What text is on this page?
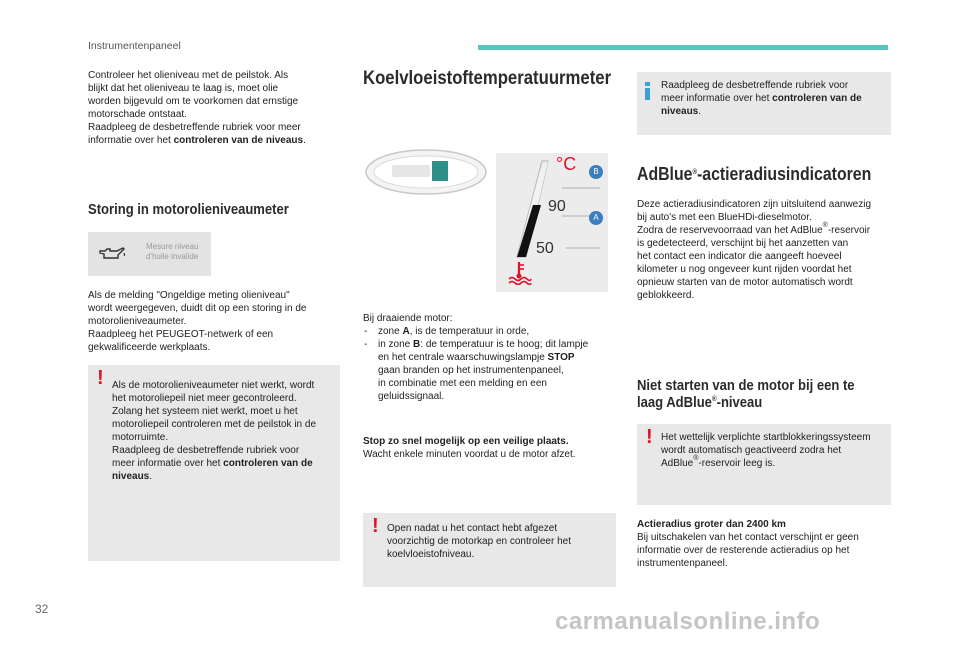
Instrumentenpaneel

Controleer het olieniveau met de peilstok. Als
blijkt dat het olieniveau te laag is, moet olie
worden bijgevuld om te voorkomen dat ernstige
motorschade ontstaat.
Raadpleeg de desbetreffende rubriek voor meer
informatie over het controleren van de niveaus.

Storing in motorolieniveaumeter
Mesure niveau
d'huile invalide

Als de melding "Ongeldige meting olieniveau"
wordt weergegeven, duidt dit op een storing in de
motorolieniveaumeter.
Raadpleeg het PEUGEOT-netwerk of een
gekwalificeerde werkplaats.

! Als de motorolieniveaumeter niet werkt, wordt
het motoroliepeil niet meer gecontroleerd.
Zolang het systeem niet werkt, moet u het
motoroliepeil controleren met de peilstok in de
motorruimte.
Raadpleeg de desbetreffende rubriek voor
meer informatie over het controleren van de
niveaus.

Koelvloeistoftemperatuurmeter
°C
90
50
B
A

Bij draaiende motor:

- zone A, is de temperatuur in orde,
- in zone B: de temperatuur is te hoog; dit lampje
en het centrale waarschuwingslampje STOP
gaan branden op het instrumentenpaneel,
in combinatie met een melding en een
geluidssignaal.

Stop zo snel mogelijk op een veilige plaats.

Wacht enkele minuten voordat u de motor afzet.

! Open nadat u het contact hebt afgezet
voorzichtig de motorkap en controleer het
koelvloeistofniveau.

Raadpleeg de desbetreffende rubriek voor
meer informatie over het controleren van de
niveaus.

AdBlue®-actieradiusindicatoren

Deze actieradiusindicatoren zijn uitsluitend aanwezig
bij auto's met een BlueHDi-dieselmotor.
Zodra de reservevoorraad van het AdBlue®-reservoir
is gedetecteerd, verschijnt bij het aanzetten van
het contact een indicator die aangeeft hoeveel
kilometer u nog ongeveer kunt rijden voordat het
opnieuw starten van de motor automatisch wordt
geblokkeerd.

Niet starten van de motor bij een te
laag AdBlue®-niveau
! Het wettelijk verplichte startblokkeringssysteem
wordt automatisch geactiveerd zodra het
AdBlue®-reservoir leeg is.

Actieradius groter dan 2400 km

Bij uitschakelen van het contact verschijnt er geen
informatie over de resterende actieradius op het
instrumentenpaneel.

32	carmanualsonline.info
